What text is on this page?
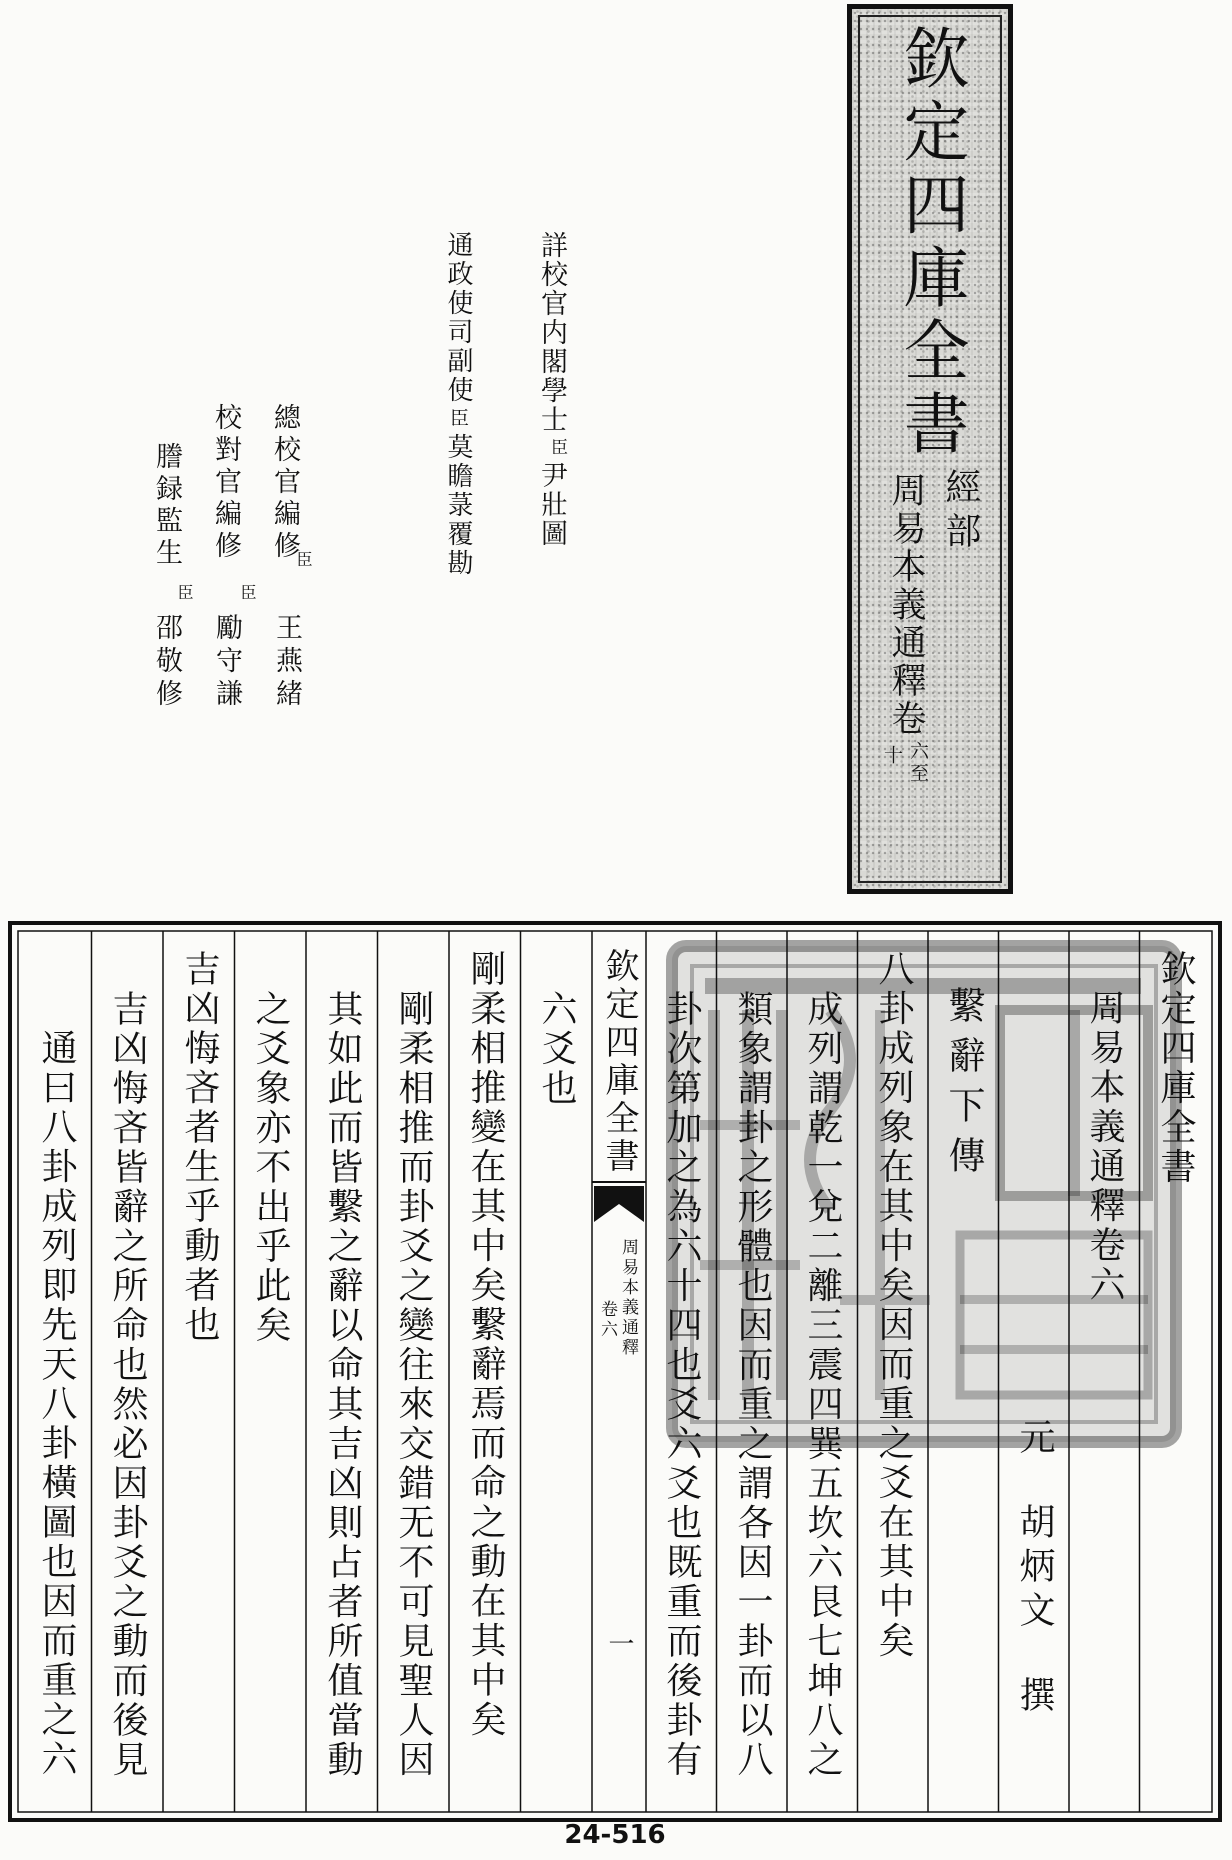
欽定四庫全書
經部
周易本義通釋卷
六至
十
詳校官内閣學士
臣
尹壯圖
通政使司副使
臣
莫瞻菉覆勘
總校官編修
臣
王燕緒
校對官編修
臣
勵守謙
謄録監生
臣
邵敬修
欽定四庫全書
周易本義通釋卷六
元
胡炳文
撰
繫辭下傳
八卦成列象在其中矣因而重之爻在其中矣
成列謂乾一兌二離三震四巽五坎六艮七坤八之
類象謂卦之形體也因而重之謂各因一卦而以八
卦次第加之為六十四也爻六爻也既重而後卦有
欽定四庫全書
周易本義通釋
卷六
一
六爻也
剛柔相推變在其中矣繫辭焉而命之動在其中矣
剛柔相推而卦爻之變往來交錯无不可見聖人因
其如此而皆繫之辭以命其吉凶則占者所值當動
之爻象亦不出乎此矣
吉凶悔吝者生乎動者也
吉凶悔吝皆辭之所命也然必因卦爻之動而後見
通曰八卦成列即先天八卦橫圖也因而重之六
24-516
